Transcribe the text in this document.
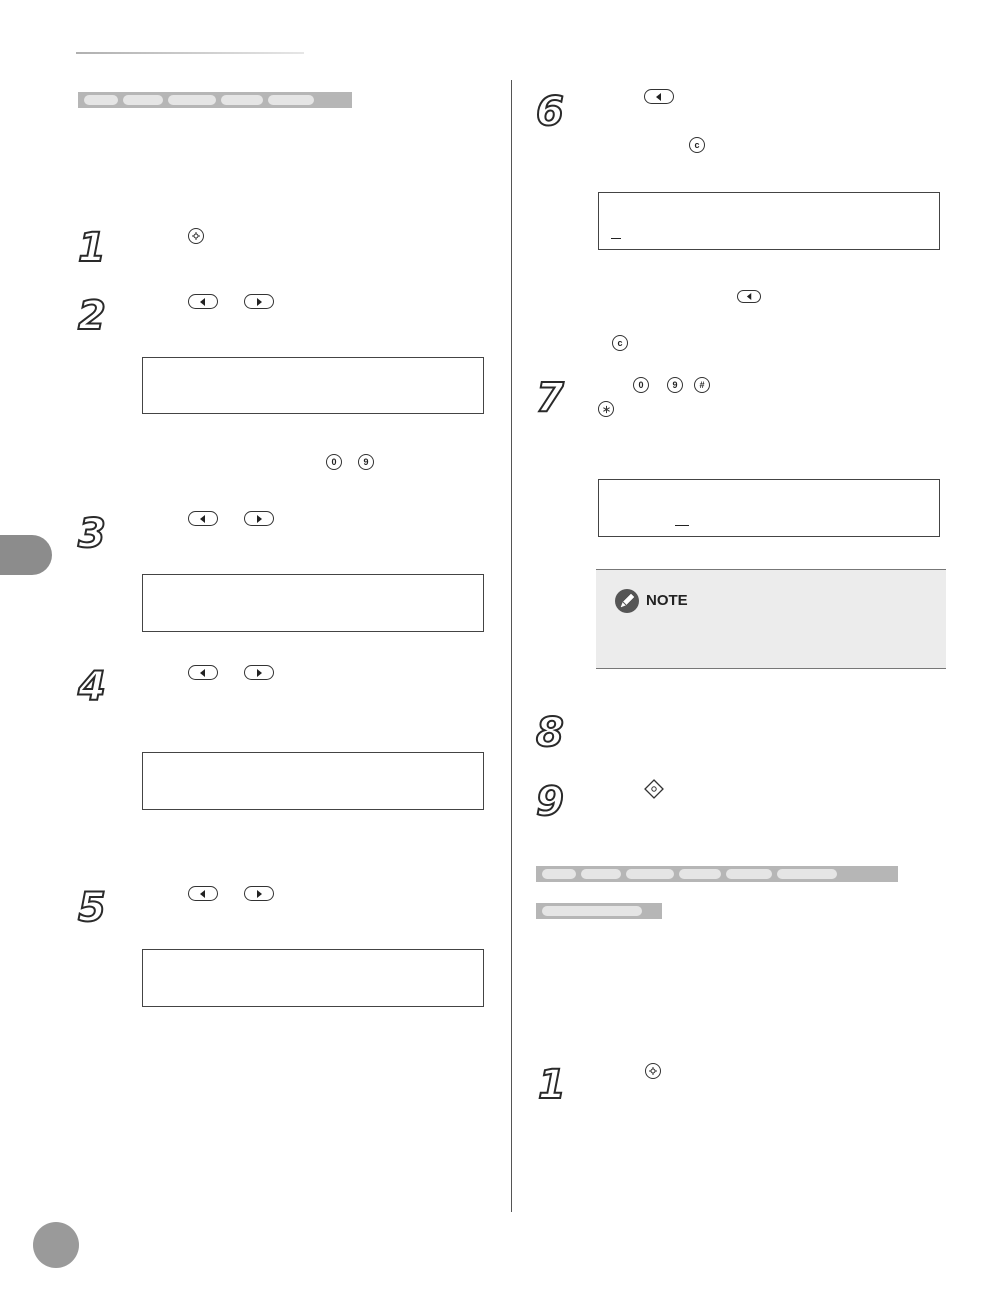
1
2
0	9
3
4
5
6
c
c
7	0	9	#
NOTE
8
9
1
